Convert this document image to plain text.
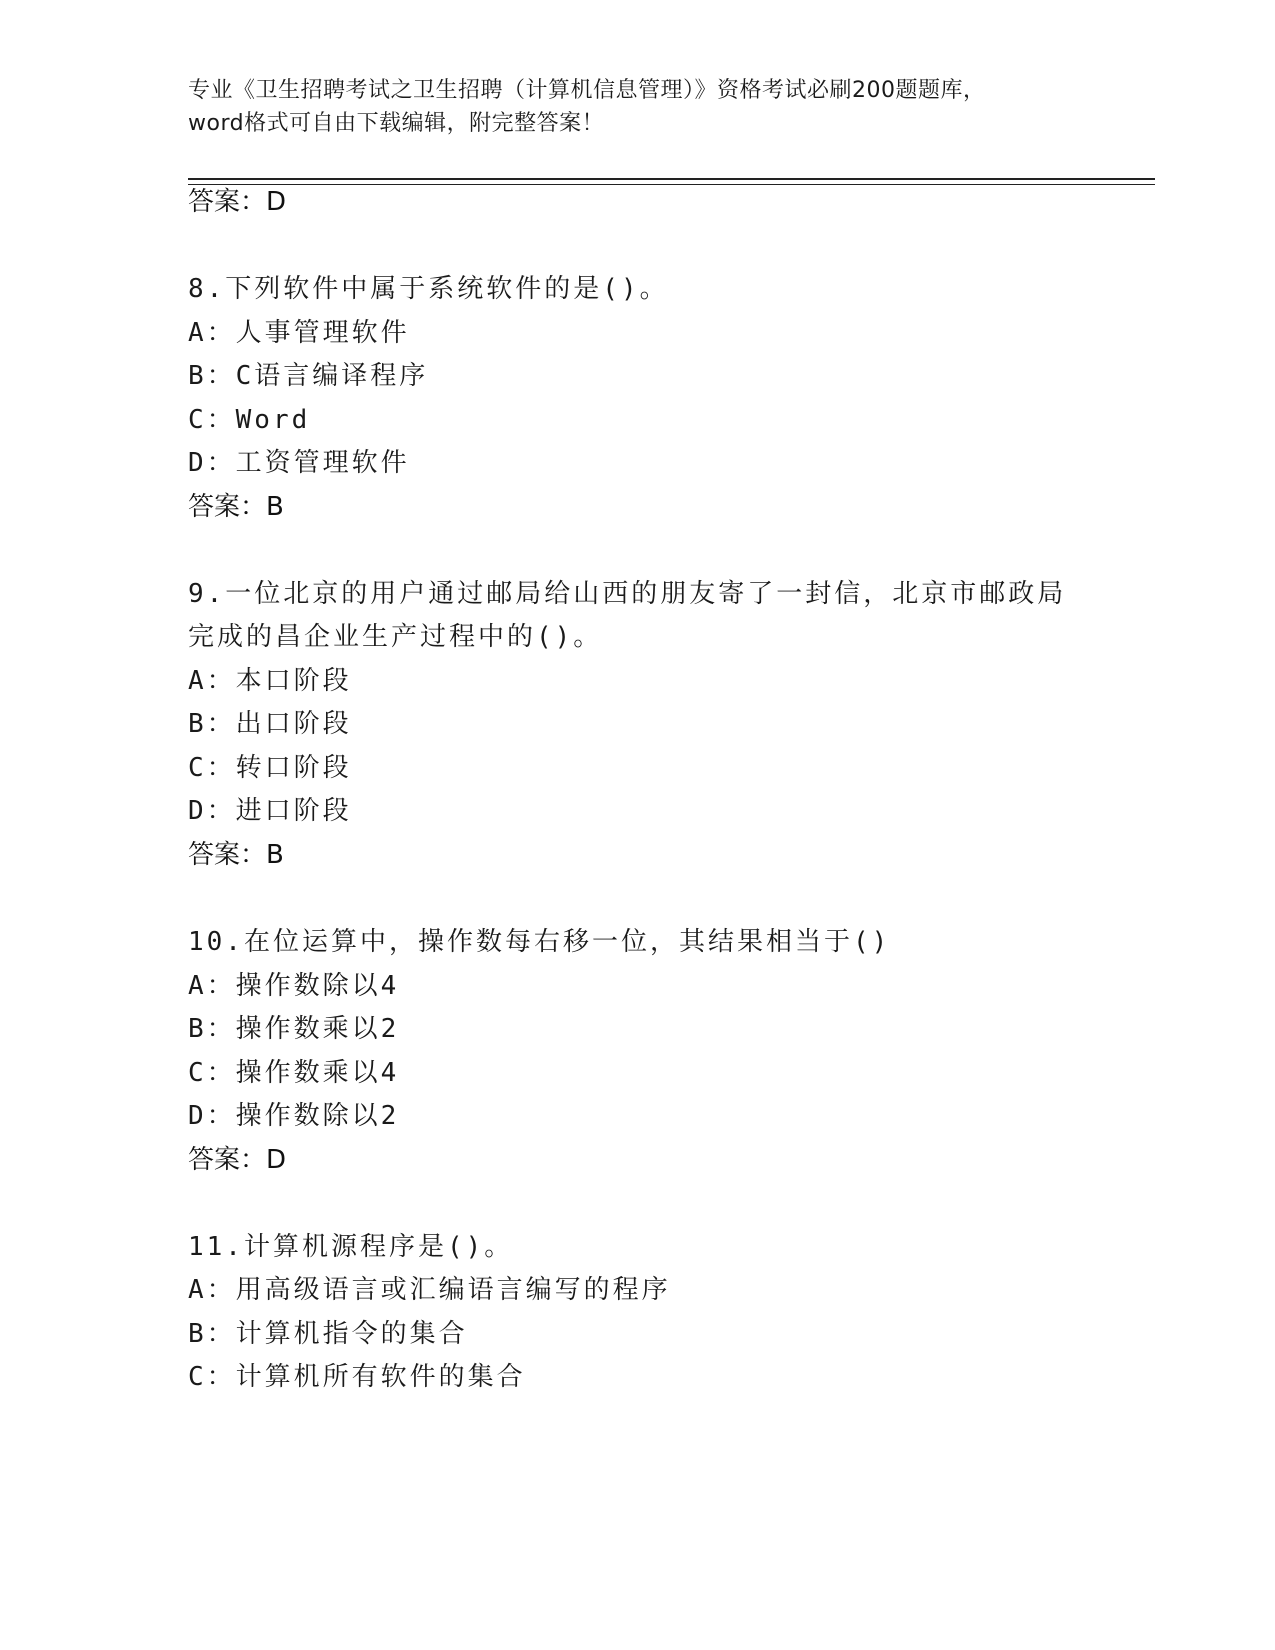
专业《卫生招聘考试之卫生招聘（计算机信息管理）》资格考试必刷200题题库，
word格式可自由下载编辑，附完整答案！
答案：D
8.下列软件中属于系统软件的是()。
A：人事管理软件
B：C语言编译程序
C：Word
D：工资管理软件
答案：B
9.一位北京的用户通过邮局给山西的朋友寄了一封信，北京市邮政局
完成的昌企业生产过程中的()。
A：本口阶段
B：出口阶段
C：转口阶段
D：进口阶段
答案：B
10.在位运算中，操作数每右移一位，其结果相当于()
A：操作数除以4
B：操作数乘以2
C：操作数乘以4
D：操作数除以2
答案：D
11.计算机源程序是()。
A：用高级语言或汇编语言编写的程序
B：计算机指令的集合
C：计算机所有软件的集合
